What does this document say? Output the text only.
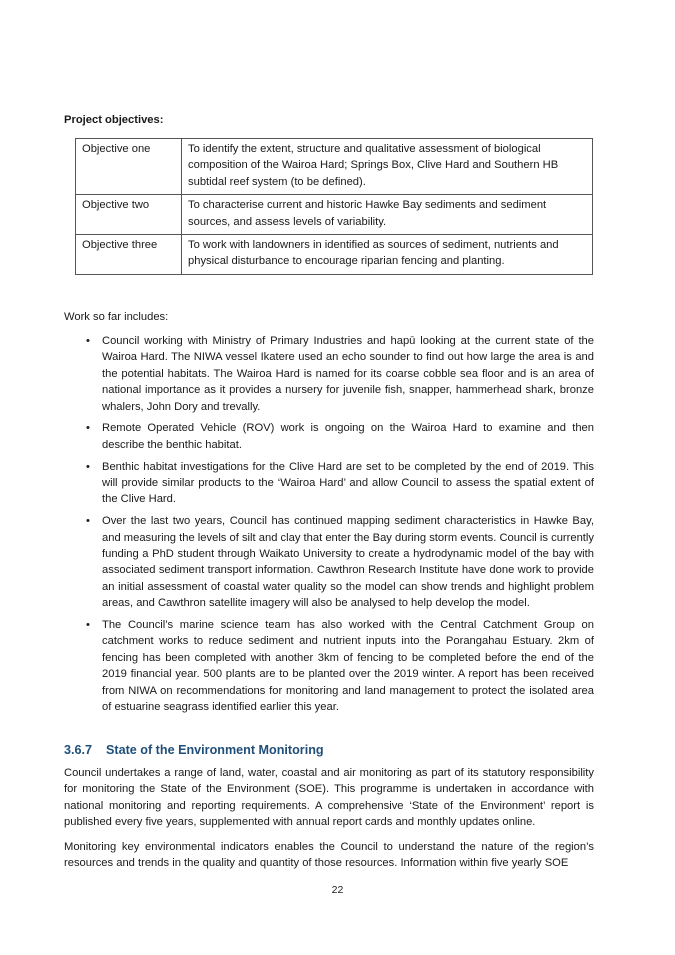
Project objectives:
Objective one	To identify the extent, structure and qualitative assessment of biological composition of the Wairoa Hard; Springs Box, Clive Hard and Southern HB subtidal reef system (to be defined).
Objective two	To characterise current and historic Hawke Bay sediments and sediment sources, and assess levels of variability.
Objective three	To work with landowners in identified as sources of sediment, nutrients and physical disturbance to encourage riparian fencing and planting.
Work so far includes:
• Council working with Ministry of Primary Industries and hapū looking at the current state of the Wairoa Hard. The NIWA vessel Ikatere used an echo sounder to find out how large the area is and the potential habitats. The Wairoa Hard is named for its coarse cobble sea floor and is an area of national importance as it provides a nursery for juvenile fish, snapper, hammerhead shark, bronze whalers, John Dory and trevally.
• Remote Operated Vehicle (ROV) work is ongoing on the Wairoa Hard to examine and then describe the benthic habitat.
• Benthic habitat investigations for the Clive Hard are set to be completed by the end of 2019. This will provide similar products to the ‘Wairoa Hard’ and allow Council to assess the spatial extent of the Clive Hard.
• Over the last two years, Council has continued mapping sediment characteristics in Hawke Bay, and measuring the levels of silt and clay that enter the Bay during storm events. Council is currently funding a PhD student through Waikato University to create a hydrodynamic model of the bay with associated sediment transport information. Cawthron Research Institute have done work to provide an initial assessment of coastal water quality so the model can show trends and highlight problem areas, and Cawthron satellite imagery will also be analysed to help develop the model.
• The Council’s marine science team has also worked with the Central Catchment Group on catchment works to reduce sediment and nutrient inputs into the Porangahau Estuary. 2km of fencing has been completed with another 3km of fencing to be completed before the end of the 2019 financial year. 500 plants are to be planted over the 2019 winter. A report has been received from NIWA on recommendations for monitoring and land management to protect the isolated area of estuarine seagrass identified earlier this year.
3.6.7 State of the Environment Monitoring

Council undertakes a range of land, water, coastal and air monitoring as part of its statutory responsibility for monitoring the State of the Environment (SOE). This programme is undertaken in accordance with national monitoring and reporting requirements. A comprehensive ‘State of the Environment’ report is published every five years, supplemented with annual report cards and monthly updates online.

Monitoring key environmental indicators enables the Council to understand the nature of the region’s resources and trends in the quality and quantity of those resources. Information within five yearly SOE

22
